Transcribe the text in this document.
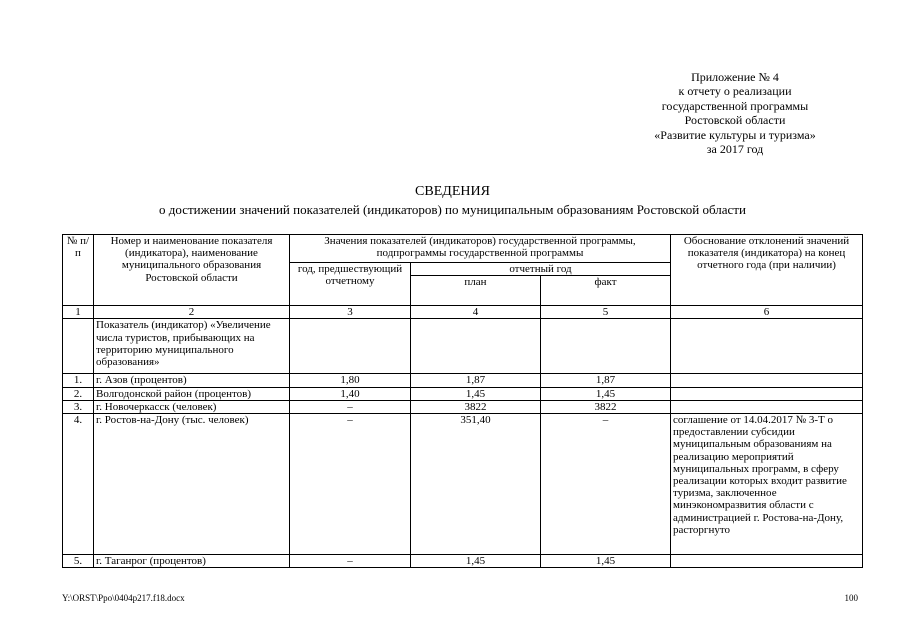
Приложение № 4
к отчету о реализации
государственной программы
Ростовской области
«Развитие культуры и туризма»
за 2017 год
СВЕДЕНИЯ
о достижении значений показателей (индикаторов) по муниципальным образованиям Ростовской области
№ п/п	Номер и наименование показателя (индикатора), наименование муниципального образования Ростовской области	Значения показателей (индикаторов) государственной программы, подпрограммы государственной программы			Обоснование отклонений значений показателя (индикатора) на конец отчетного года (при наличии)
		год, предшествующий отчетному	отчетный год		
			план	факт	
1	2	3	4	5	6
	Показатель (индикатор) «Увеличение числа туристов, прибывающих на территорию муниципального образования»				
1.	г. Азов (процентов)	1,80	1,87	1,87	
2.	Волгодонской район (процентов)	1,40	1,45	1,45	
3.	г. Новочеркасск (человек)	–	3822	3822	
4.	г. Ростов-на-Дону (тыс. человек)	–	351,40	–	соглашение от 14.04.2017 № 3-Т о предоставлении субсидии муниципальным образованиям на реализацию мероприятий муниципальных программ, в сферу реализации которых входит развитие туризма, заключенное минэкономразвития области с администрацией г. Ростова-на-Дону, расторгнуто
5.	г. Таганрог (процентов)	–	1,45	1,45	
Y:\ORST\Ppo\0404p217.f18.docx	100
